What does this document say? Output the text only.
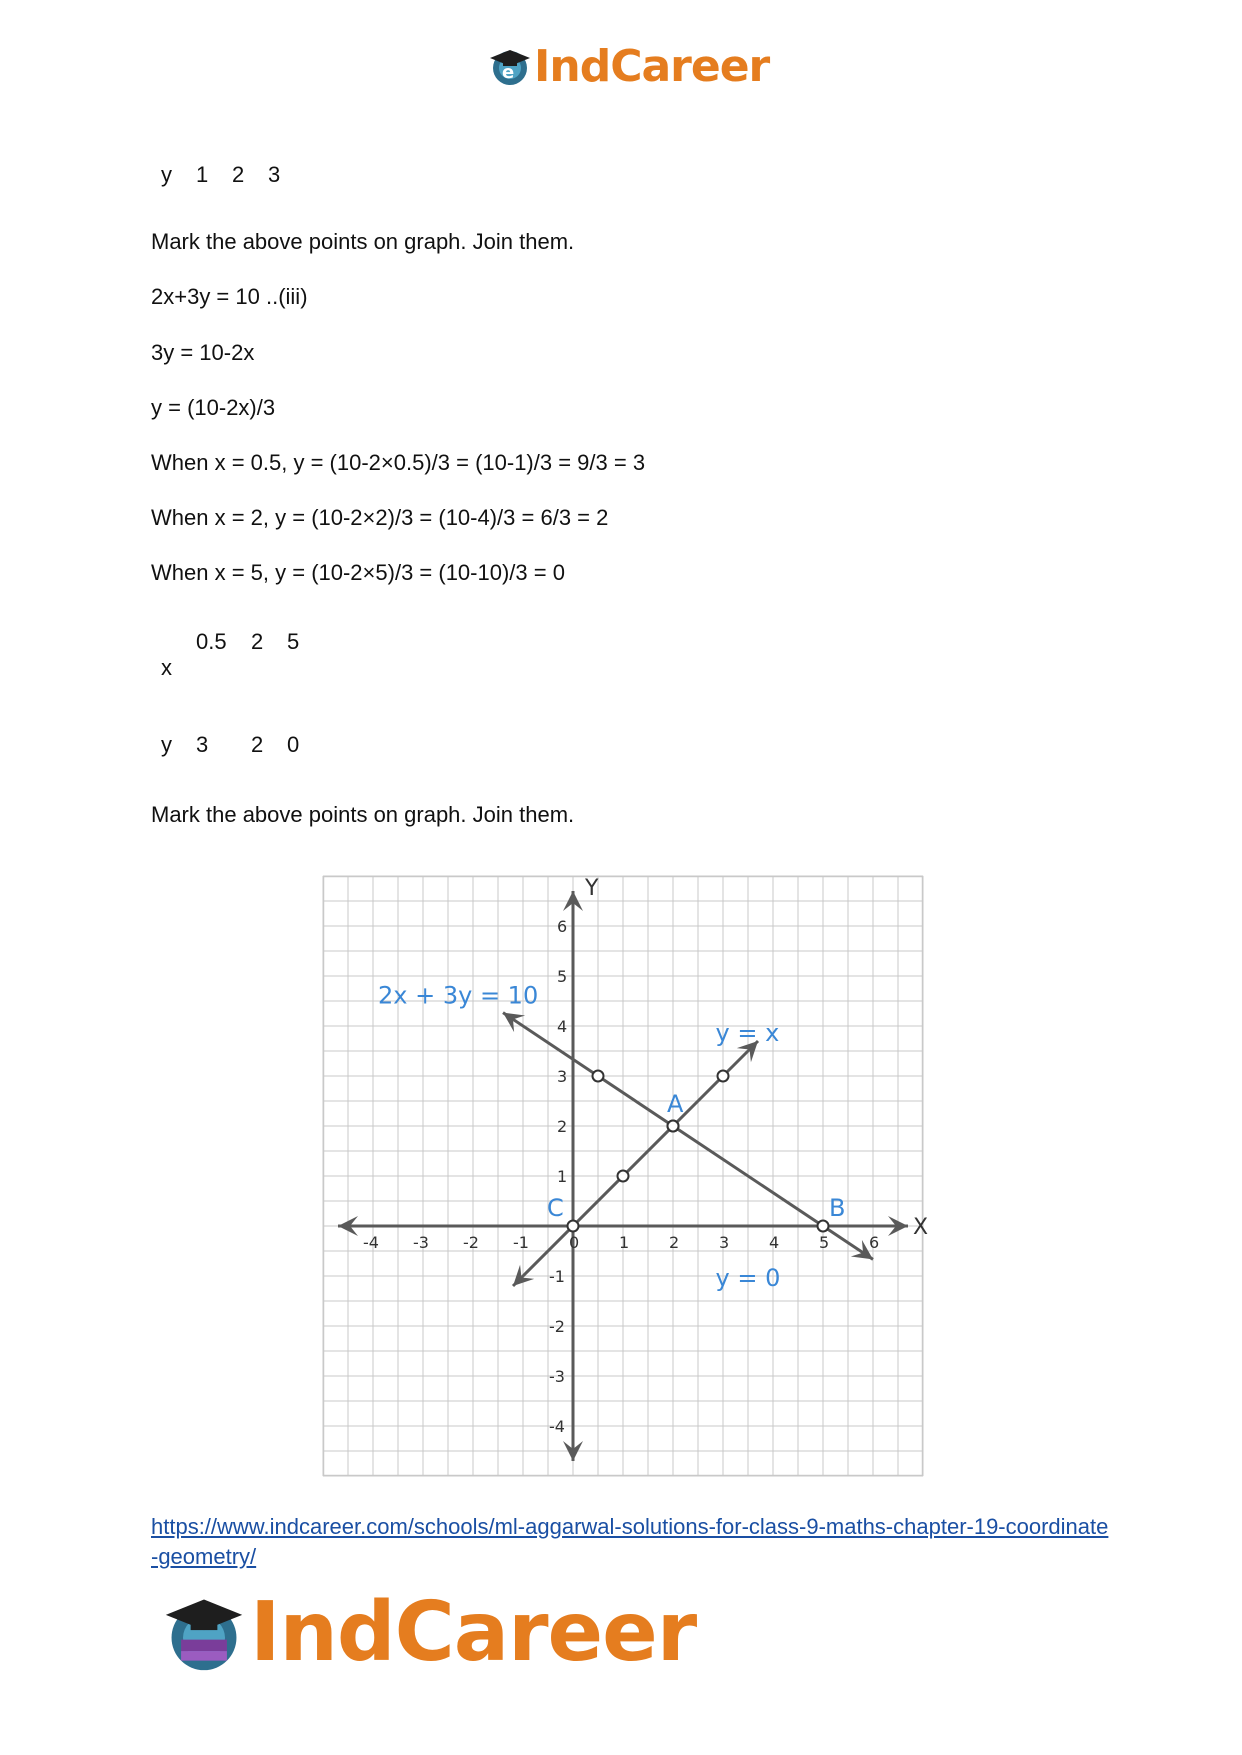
e IndCareer
y 1 2 3
Mark the above points on graph. Join them.
2x+3y = 10 ..(iii)
3y = 10-2x
y = (10-2x)/3
When x = 0.5, y = (10-2×0.5)/3 = (10-1)/3 = 9/3 = 3
When x = 2, y = (10-2×2)/3 = (10-4)/3 = 6/3 = 2
When x = 5, y = (10-2×5)/3 = (10-10)/3 = 0
0.5 2 5
x
y 3 2 0
Mark the above points on graph. Join them.
X
Y
-4 -3 -2 -1	0 1 2 3 4 5 6
-4
-3
-2
-1
1
2
3
4
5
6
2x + 3y = 10
y = x
y = 0
A
B
C
https://www.indcareer.com/schools/ml-aggarwal-solutions-for-class-9-maths-chapter-19-coordinate-geometry/
IndCareer
